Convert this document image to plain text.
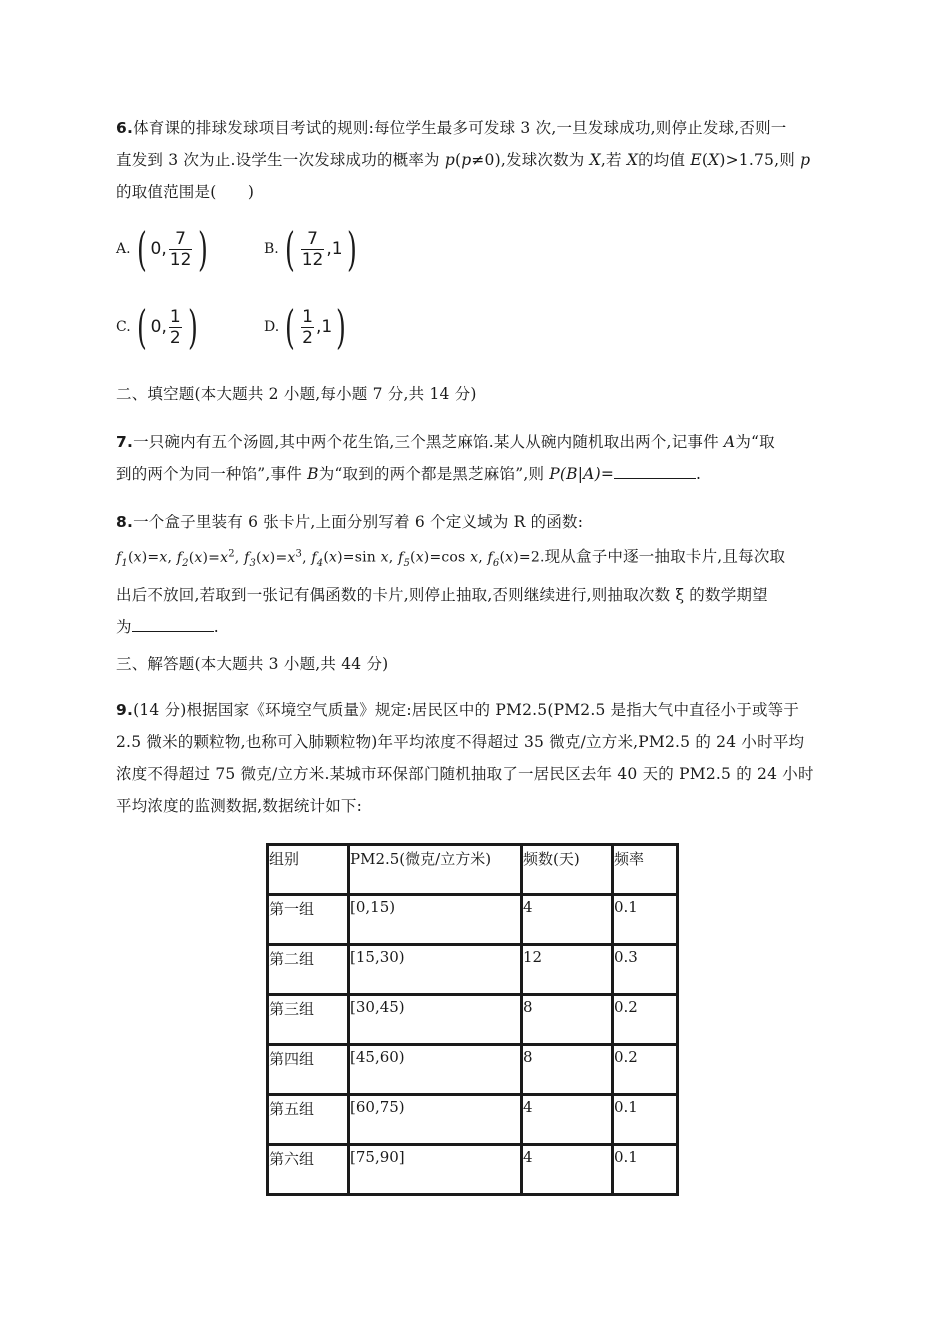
6.体育课的排球发球项目考试的规则:每位学生最多可发球 3 次,一旦发球成功,则停止发球,否则一
直发到 3 次为止.设学生一次发球成功的概率为 p(p≠0),发球次数为 X,若 X的均值 E(X)>1.75,则 p
的取值范围是(　　)
A. ( 0, $\frac{7}{12}$ )	B. ( $\frac{7}{12} ,1$ )
C. ( 0, $\frac{1}{2}$ )	D. ( $\frac{1}{2} ,1$ )
二、填空题(本大题共 2 小题,每小题 7 分,共 14 分)
7.一只碗内有五个汤圆,其中两个花生馅,三个黑芝麻馅.某人从碗内随机取出两个,记事件 A为“取
到的两个为同一种馅”,事件 B为“取到的两个都是黑芝麻馅”,则 P(B|A)=	.
8.一个盒子里装有 6 张卡片,上面分别写着 6 个定义域为 R 的函数:
$f_1(x)=x$, $f_2(x)=x^2$, $f_3(x)=x^3$, $f_4(x)=\sin$ x, $f_5(x)=\cos$ x, $f_6(x)=2$.现从盒子中逐一抽取卡片,且每次取
出后不放回,若取到一张记有偶函数的卡片,则停止抽取,否则继续进行,则抽取次数 ξ 的数学期望
为	.
三、解答题(本大题共 3 小题,共 44 分)
9.(14 分)根据国家《环境空气质量》规定:居民区中的 PM2.5(PM2.5 是指大气中直径小于或等于
2.5 微米的颗粒物,也称可入肺颗粒物)年平均浓度不得超过 35 微克/立方米,PM2.5 的 24 小时平均
浓度不得超过 75 微克/立方米.某城市环保部门随机抽取了一居民区去年 40 天的 PM2.5 的 24 小时
平均浓度的监测数据,数据统计如下:
组别	PM2.5(微克/立方米)	频数(天)	频率
第一组	[0,15)	4	0.1
第二组	[15,30)	12	0.3
第三组	[30,45)	8	0.2
第四组	[45,60)	8	0.2
第五组	[60,75)	4	0.1
第六组	[75,90]	4	0.1
